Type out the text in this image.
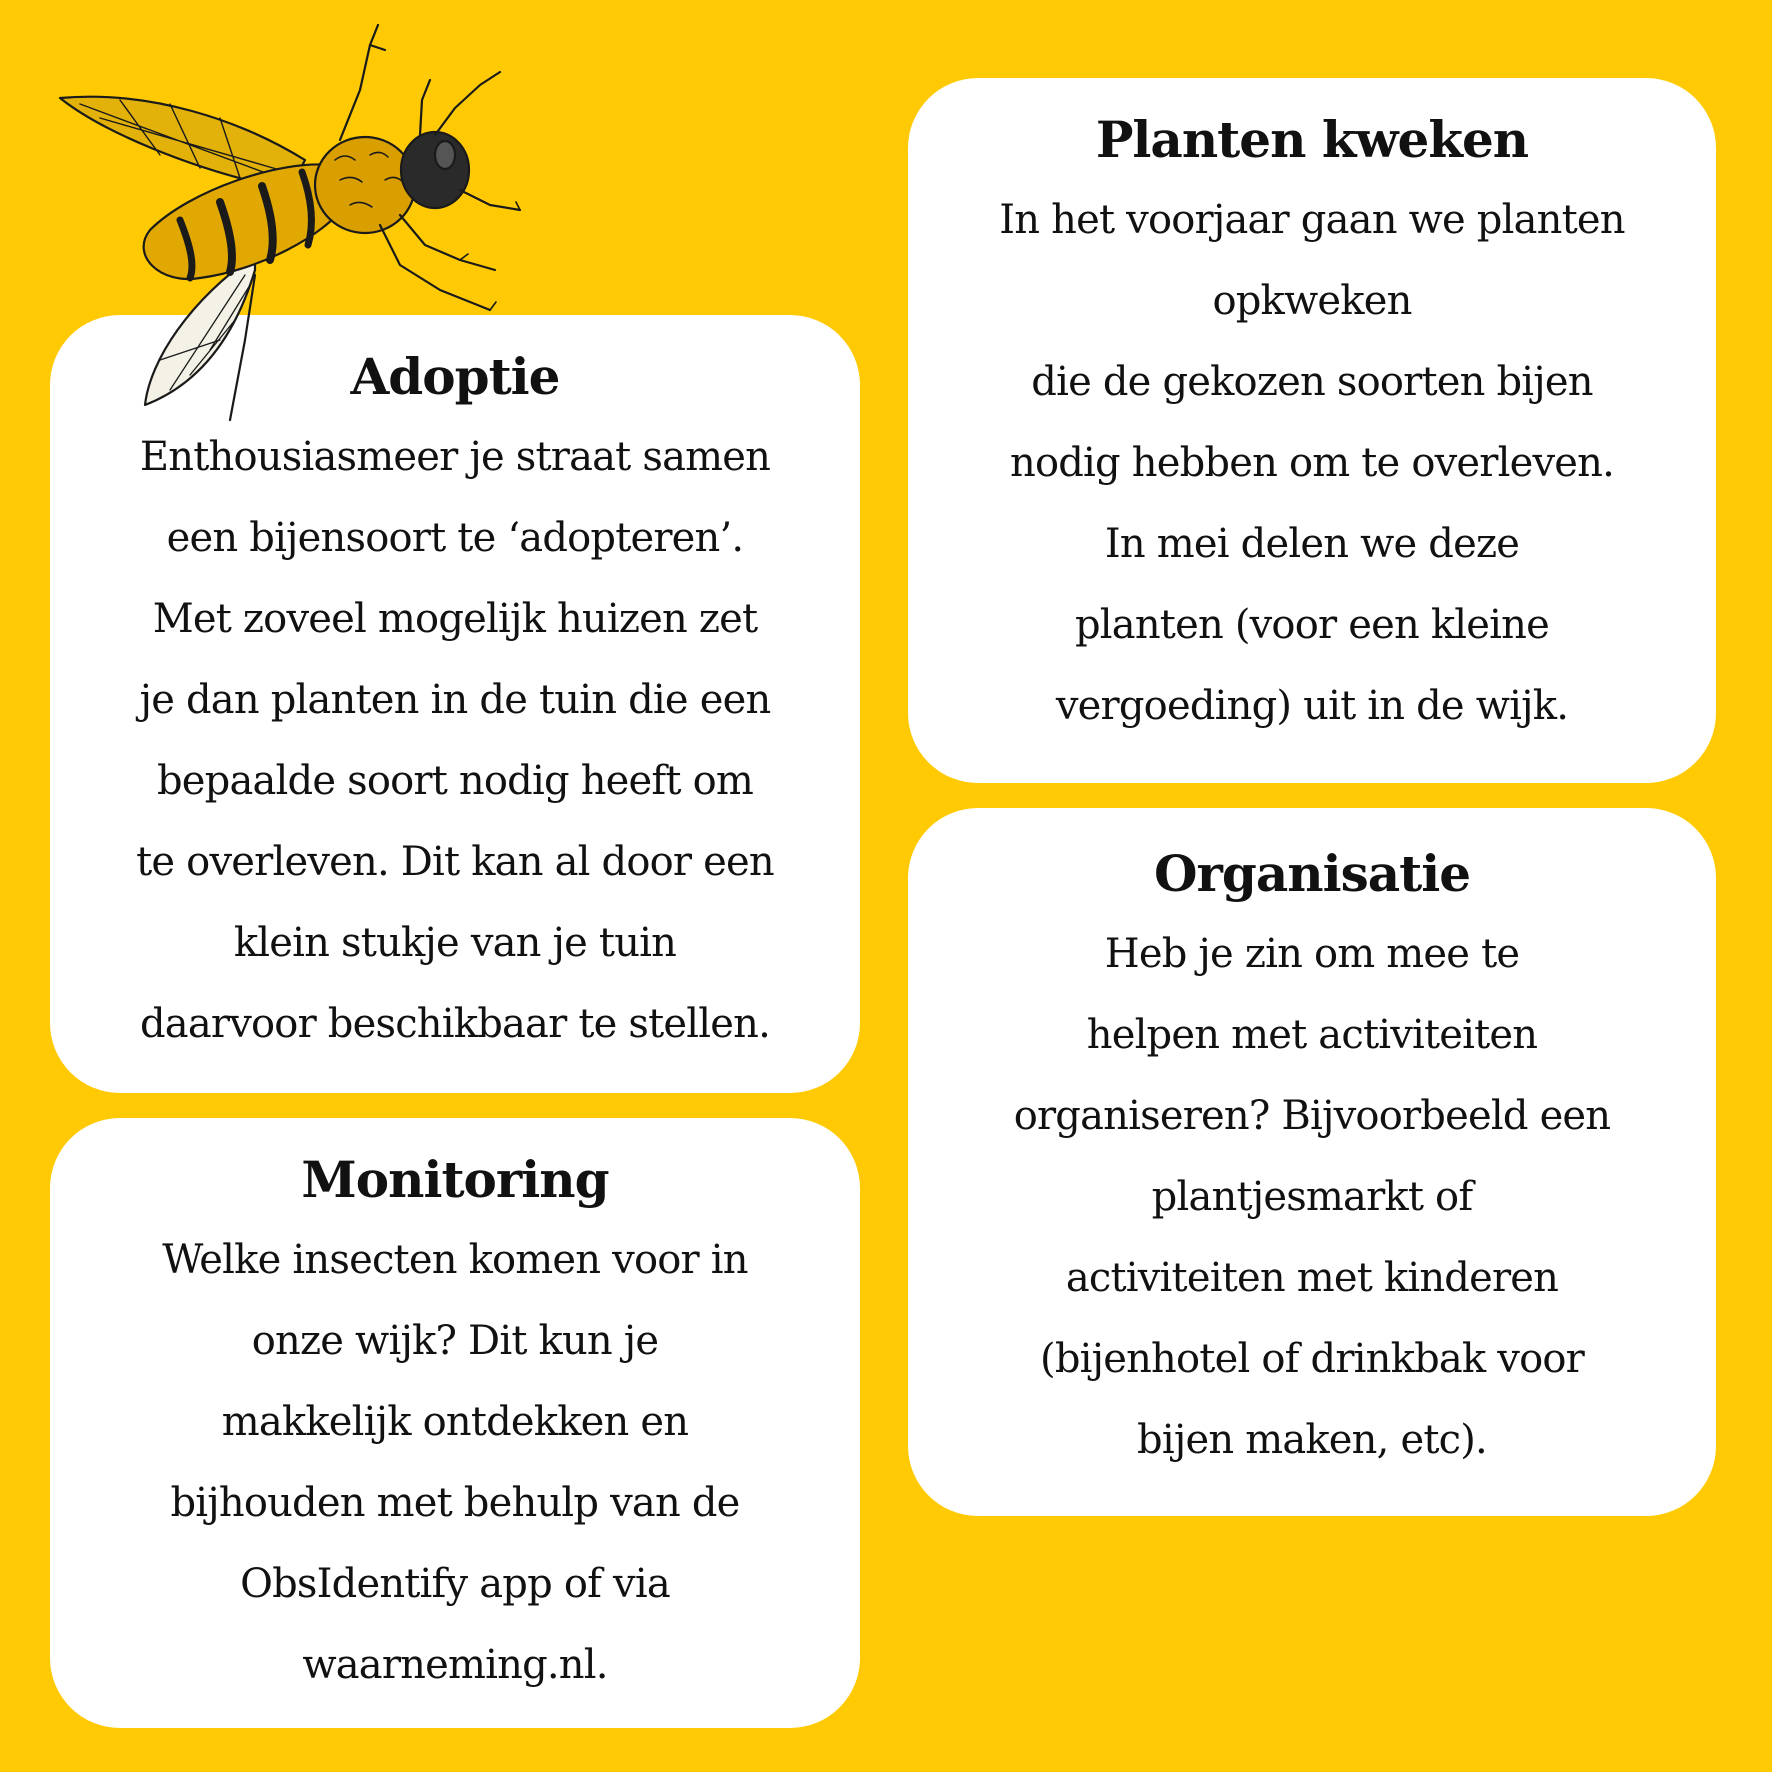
Adoptie
Enthousiasmeer je straat samen
een bijensoort te ‘adopteren’.
Met zoveel mogelijk huizen zet
je dan planten in de tuin die een
bepaalde soort nodig heeft om
te overleven. Dit kan al door een
klein stukje van je tuin
daarvoor beschikbaar te stellen.
Monitoring
Welke insecten komen voor in
onze wijk? Dit kun je
makkelijk ontdekken en
bijhouden met behulp van de
ObsIdentify app of via
waarneming.nl.
Planten kweken
In het voorjaar gaan we planten
opkweken
die de gekozen soorten bijen
nodig hebben om te overleven.
In mei delen we deze
planten (voor een kleine
vergoeding) uit in de wijk.
Organisatie
Heb je zin om mee te
helpen met activiteiten
organiseren? Bijvoorbeeld een
plantjesmarkt of
activiteiten met kinderen
(bijenhotel of drinkbak voor
bijen maken, etc).
